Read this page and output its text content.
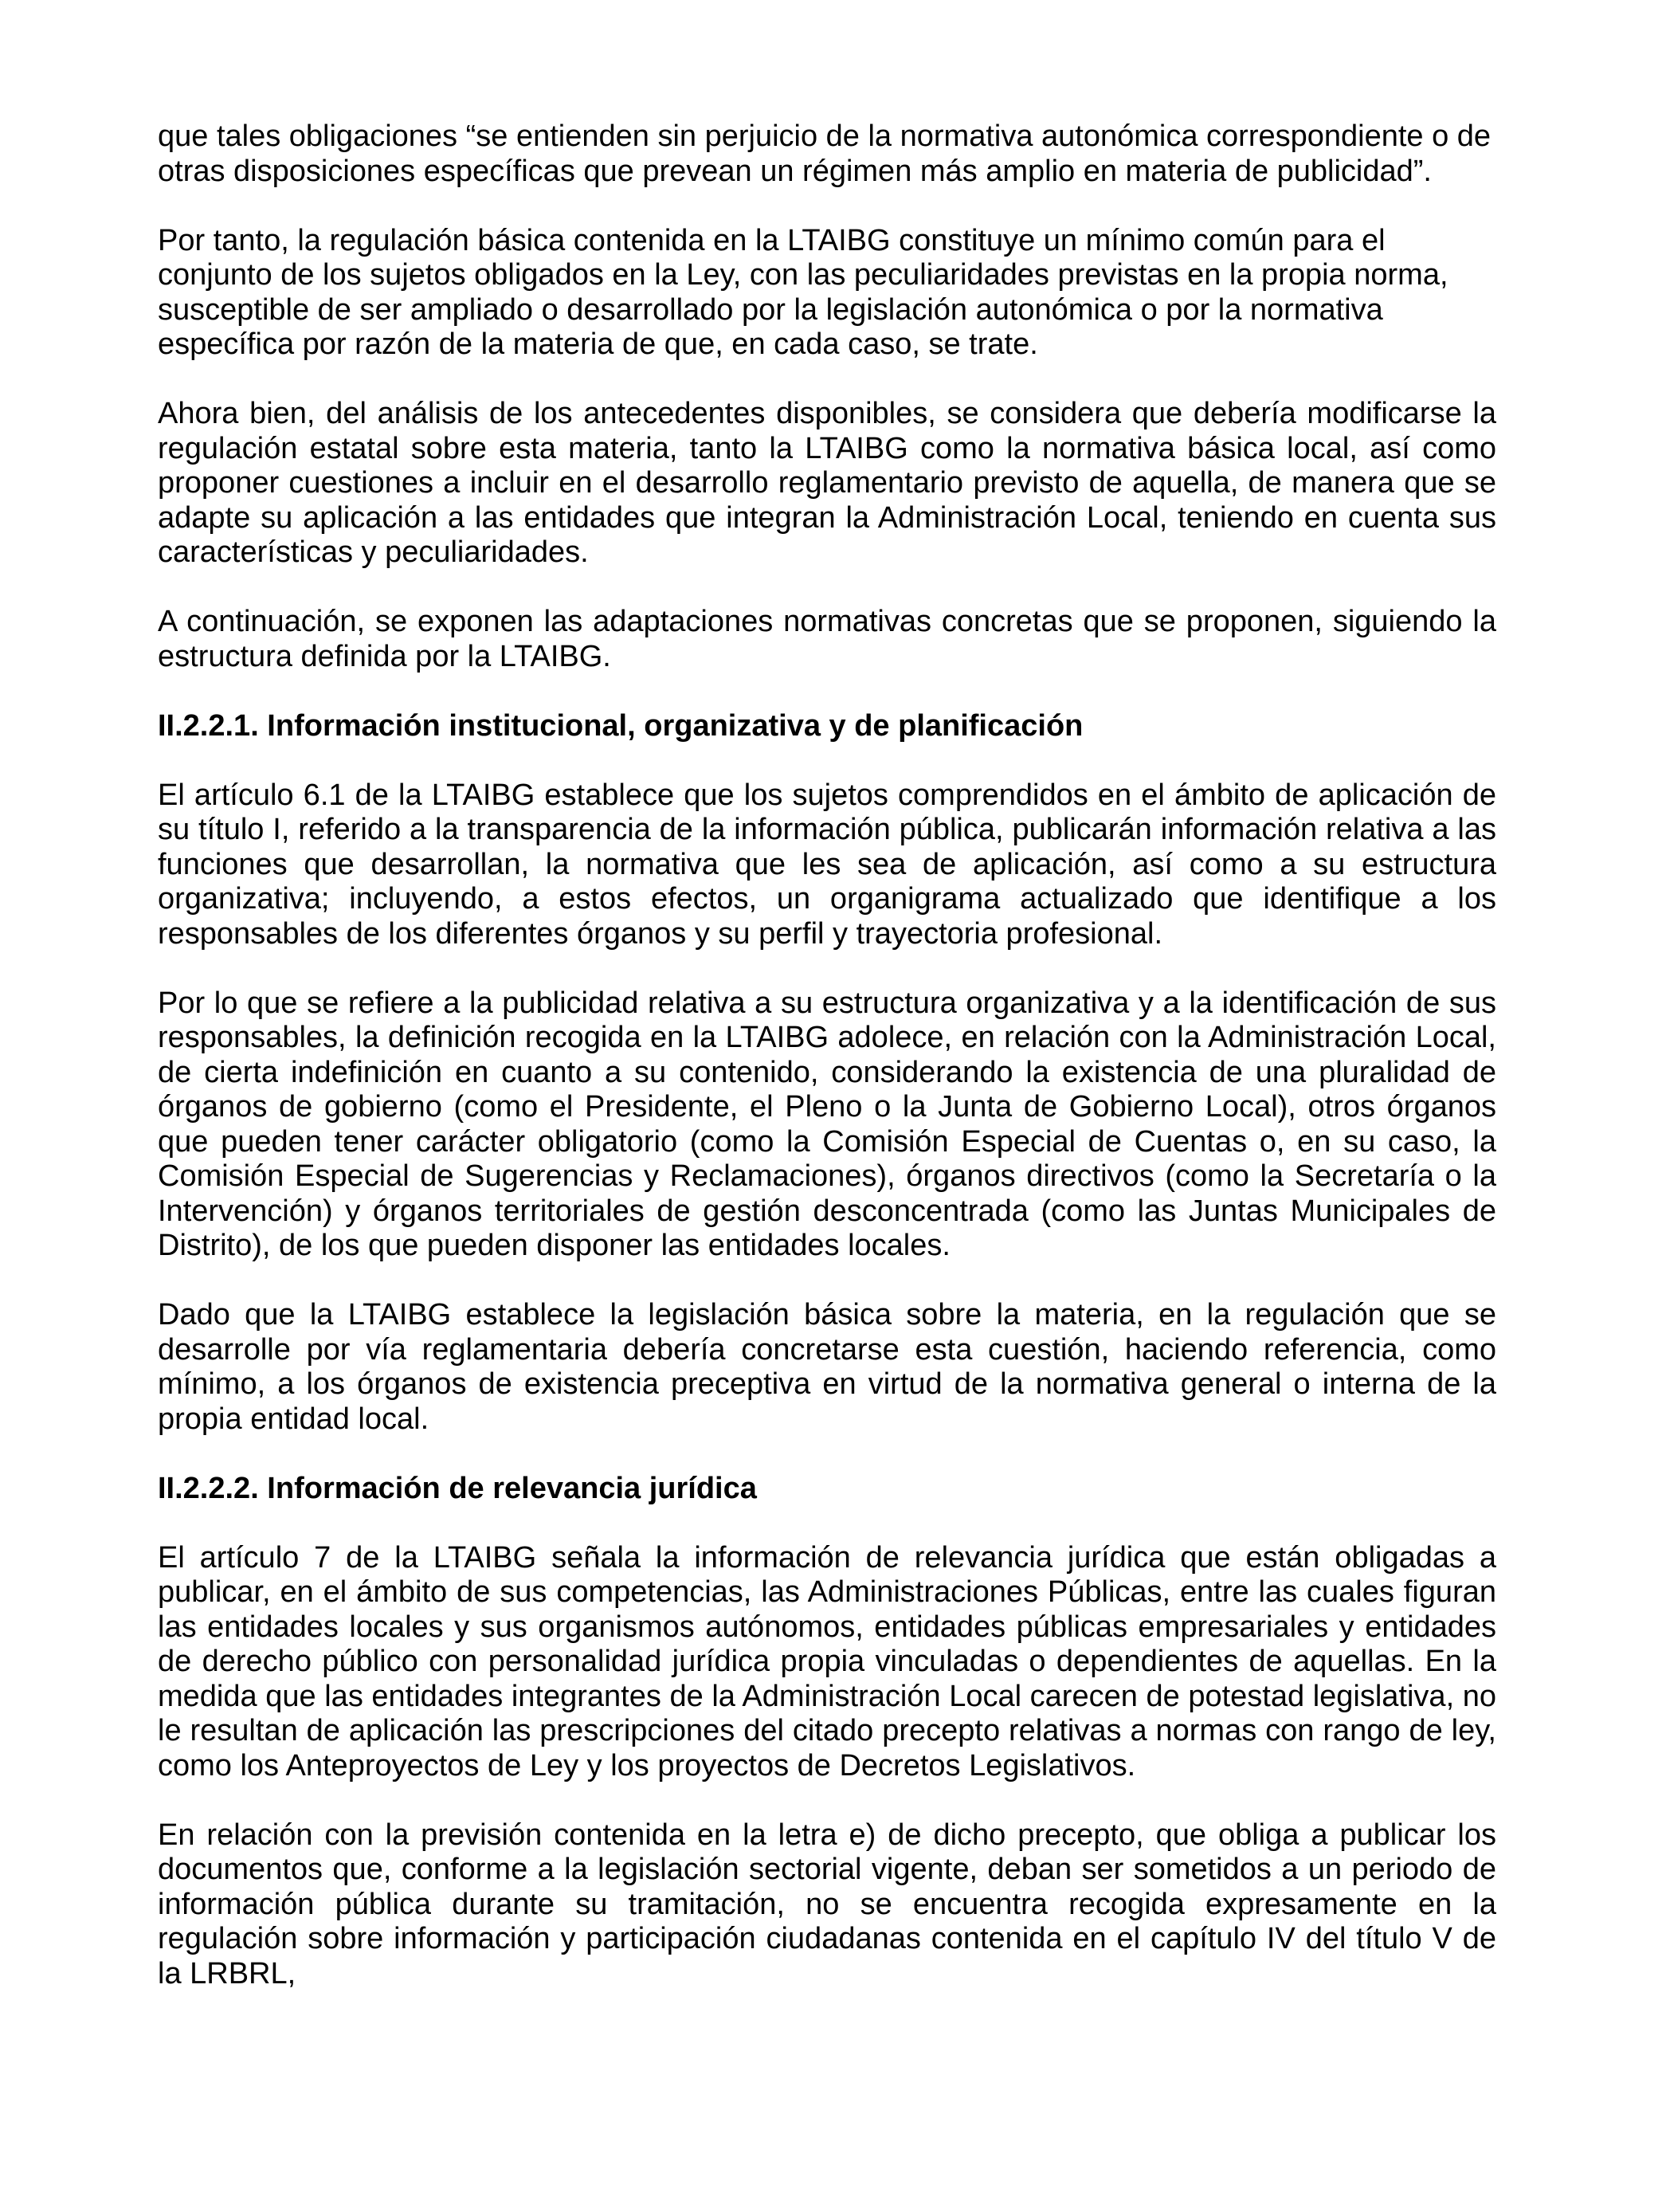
que tales obligaciones “se entienden sin perjuicio de la normativa autonómica correspondiente o de otras disposiciones específicas que prevean un régimen más amplio en materia de publicidad”.

Por tanto, la regulación básica contenida en la LTAIBG constituye un mínimo común para el conjunto de los sujetos obligados en la Ley, con las peculiaridades previstas en la propia norma, susceptible de ser ampliado o desarrollado por la legislación autonómica o por la normativa específica por razón de la materia de que, en cada caso, se trate.

Ahora bien, del análisis de los antecedentes disponibles, se considera que debería modificarse la regulación estatal sobre esta materia, tanto la LTAIBG como la normativa básica local, así como proponer cuestiones a incluir en el desarrollo reglamentario previsto de aquella, de manera que se adapte su aplicación a las entidades que integran la Administración Local, teniendo en cuenta sus características y peculiaridades.

A continuación, se exponen las adaptaciones normativas concretas que se proponen, siguiendo la estructura definida por la LTAIBG.

II.2.2.1. Información institucional, organizativa y de planificación

El artículo 6.1 de la LTAIBG establece que los sujetos comprendidos en el ámbito de aplicación de su título I, referido a la transparencia de la información pública, publicarán información relativa a las funciones que desarrollan, la normativa que les sea de aplicación, así como a su estructura organizativa; incluyendo, a estos efectos, un organigrama actualizado que identifique a los responsables de los diferentes órganos y su perfil y trayectoria profesional.

Por lo que se refiere a la publicidad relativa a su estructura organizativa y a la identificación de sus responsables, la definición recogida en la LTAIBG adolece, en relación con la Administración Local, de cierta indefinición en cuanto a su contenido, considerando la existencia de una pluralidad de órganos de gobierno (como el Presidente, el Pleno o la Junta de Gobierno Local), otros órganos que pueden tener carácter obligatorio (como la Comisión Especial de Cuentas o, en su caso, la Comisión Especial de Sugerencias y Reclamaciones), órganos directivos (como la Secretaría o la Intervención) y órganos territoriales de gestión desconcentrada (como las Juntas Municipales de Distrito), de los que pueden disponer las entidades locales.

Dado que la LTAIBG establece la legislación básica sobre la materia, en la regulación que se desarrolle por vía reglamentaria debería concretarse esta cuestión, haciendo referencia, como mínimo, a los órganos de existencia preceptiva en virtud de la normativa general o interna de la propia entidad local.

II.2.2.2. Información de relevancia jurídica

El artículo 7 de la LTAIBG señala la información de relevancia jurídica que están obligadas a publicar, en el ámbito de sus competencias, las Administraciones Públicas, entre las cuales figuran las entidades locales y sus organismos autónomos, entidades públicas empresariales y entidades de derecho público con personalidad jurídica propia vinculadas o dependientes de aquellas. En la medida que las entidades integrantes de la Administración Local carecen de potestad legislativa, no le resultan de aplicación las prescripciones del citado precepto relativas a normas con rango de ley, como los Anteproyectos de Ley y los proyectos de Decretos Legislativos.

En relación con la previsión contenida en la letra e) de dicho precepto, que obliga a publicar los documentos que, conforme a la legislación sectorial vigente, deban ser sometidos a un periodo de información pública durante su tramitación, no se encuentra recogida expresamente en la regulación sobre información y participación ciudadanas contenida en el capítulo IV del título V de la LRBRL,
